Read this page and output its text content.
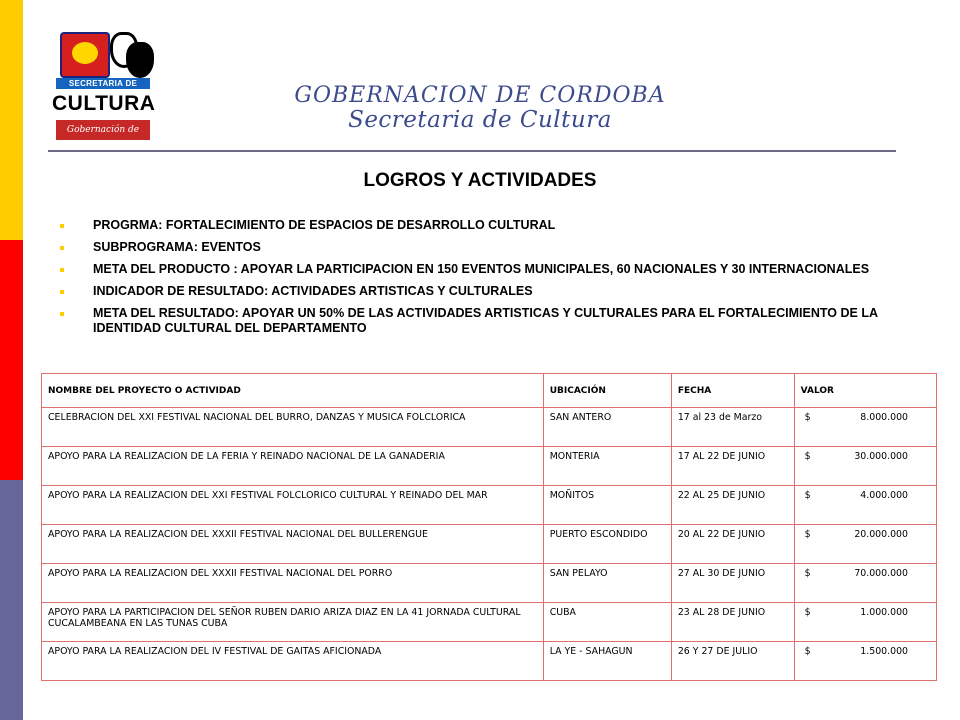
SECRETARIA DE
CULTURA
Gobernación de Cordoba
GOBERNACION DE CORDOBA
Secretaria de Cultura
LOGROS Y ACTIVIDADES
PROGRMA: FORTALECIMIENTO DE ESPACIOS DE DESARROLLO CULTURAL
SUBPROGRAMA: EVENTOS
META DEL PRODUCTO : APOYAR LA PARTICIPACION EN 150 EVENTOS MUNICIPALES, 60 NACIONALES Y 30 INTERNACIONALES
INDICADOR DE RESULTADO: ACTIVIDADES ARTISTICAS Y CULTURALES
META DEL RESULTADO: APOYAR UN 50% DE LAS ACTIVIDADES ARTISTICAS Y CULTURALES PARA EL FORTALECIMIENTO DE LA IDENTIDAD CULTURAL DEL DEPARTAMENTO
NOMBRE DEL PROYECTO O ACTIVIDAD	UBICACIÓN	FECHA	VALOR
CELEBRACION DEL XXI FESTIVAL NACIONAL DEL BURRO, DANZAS Y MUSICA FOLCLORICA	SAN ANTERO	17 al 23 de Marzo	$ 8.000.000

APOYO PARA LA REALIZACION DE LA FERIA Y REINADO NACIONAL DE LA GANADERIA	MONTERIA	17 AL 22 DE JUNIO	$ 30.000.000

APOYO PARA LA REALIZACION DEL XXI FESTIVAL FOLCLORICO CULTURAL Y REINADO DEL MAR	MOÑITOS	22 AL 25 DE JUNIO	$ 4.000.000

APOYO PARA LA REALIZACION DEL XXXII FESTIVAL NACIONAL DEL BULLERENGUE	PUERTO ESCONDIDO	20 AL 22 DE JUNIO	$ 20.000.000

APOYO PARA LA REALIZACION DEL XXXII FESTIVAL NACIONAL DEL PORRO	SAN PELAYO	27 AL 30 DE JUNIO	$ 70.000.000

APOYO PARA LA PARTICIPACION DEL SEÑOR RUBEN DARIO ARIZA DIAZ EN LA 41 JORNADA CULTURAL CUCALAMBEANA EN LAS TUNAS CUBA	CUBA	23 AL 28 DE JUNIO	$ 1.000.000

APOYO PARA LA REALIZACION DEL IV FESTIVAL DE GAITAS AFICIONADA	LA YE - SAHAGUN	26 Y 27 DE JULIO	$ 1.500.000
